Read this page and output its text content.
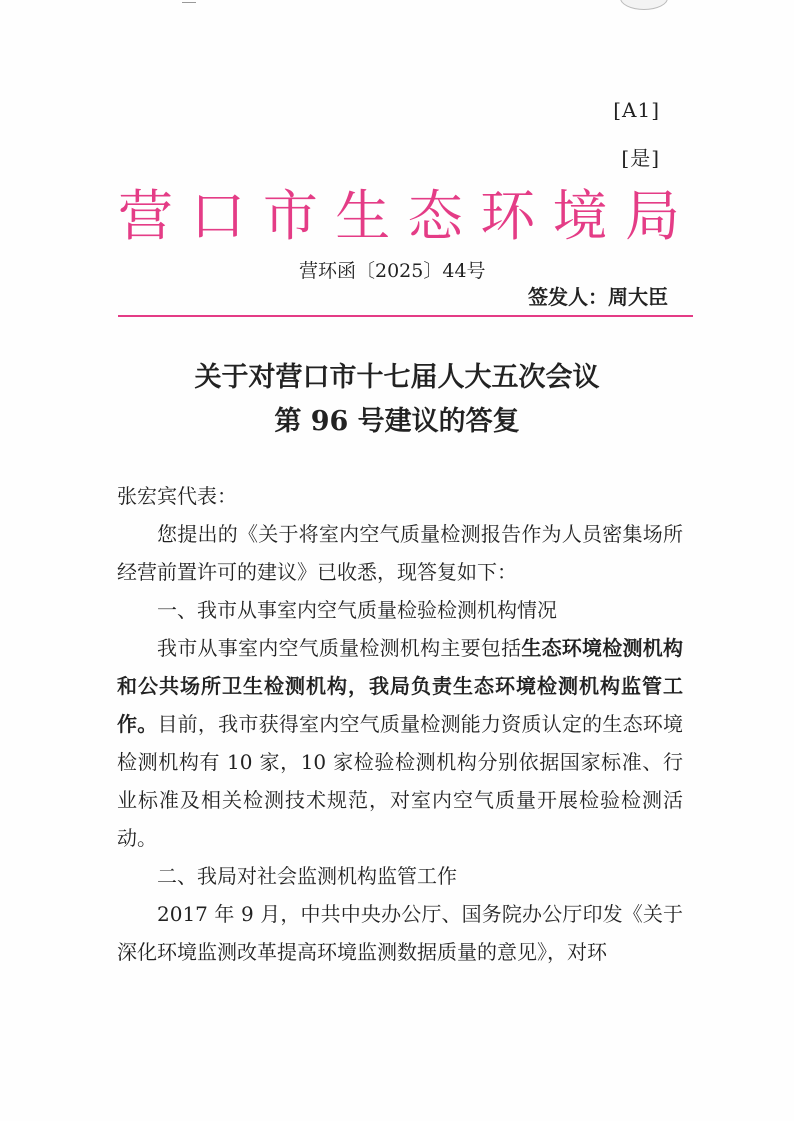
[A1]
[是]
营 口 市 生 态 环 境 局
营环函〔2025〕44号
签发人：周大臣
关于对营口市十七届人大五次会议
第 96 号建议的答复

张宏宾代表：

您提出的《关于将室内空气质量检测报告作为人员密集场所经营前置许可的建议》已收悉，现答复如下：

一、我市从事室内空气质量检验检测机构情况

我市从事室内空气质量检测机构主要包括生态环境检测机构和公共场所卫生检测机构，我局负责生态环境检测机构监管工作。目前，我市获得室内空气质量检测能力资质认定的生态环境检测机构有 10 家，10 家检验检测机构分别依据国家标准、行业标准及相关检测技术规范，对室内空气质量开展检验检测活动。

二、我局对社会监测机构监管工作

2017 年 9 月，中共中央办公厅、国务院办公厅印发《关于深化环境监测改革提高环境监测数据质量的意见》，对环
